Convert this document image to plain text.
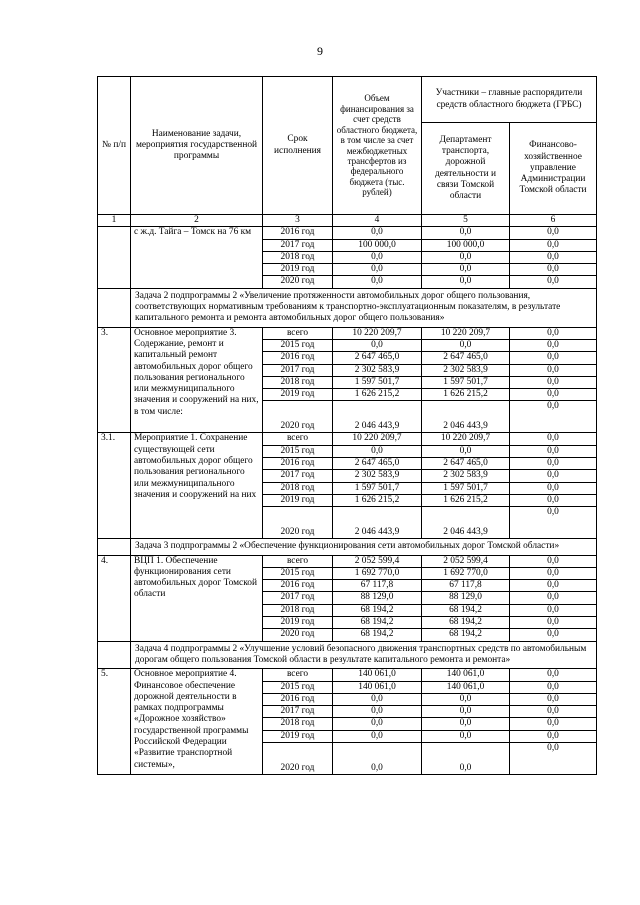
9
№ п/п	Наименование задачи, мероприятия государственной программы	Срок исполнения	Объем финансирования за счет средств областного бюджета, в том числе за счет межбюджетных трансфертов из федерального бюджета (тыс. рублей)	Участники – главные распорядители средств областного бюджета (ГРБС)	
				Департамент транспорта, дорожной деятельности и связи Томской области	Финансово-хозяйственное управление Администрации Томской области
1	2	3	4	5	6
	с ж.д. Тайга – Томск на 76 км	2016 год	0,0	0,0	0,0
		2017 год	100 000,0	100 000,0	0,0
		2018 год	0,0	0,0	0,0
		2019 год	0,0	0,0	0,0
		2020 год	0,0	0,0	0,0
	Задача 2 подпрограммы 2 «Увеличение протяженности автомобильных дорог общего пользования, соответствующих нормативным требованиям к транспортно-эксплуатационным показателям, в результате капитального ремонта и ремонта автомобильных дорог общего пользования»				
3.	Основное мероприятие 3. Содержание, ремонт и капитальный ремонт автомобильных дорог общего пользования регионального или межмуниципального значения и сооружений на них, в том числе:	всего	10 220 209,7	10 220 209,7	0,0
		2015 год	0,0	0,0	0,0
		2016 год	2 647 465,0	2 647 465,0	0,0
		2017 год	2 302 583,9	2 302 583,9	0,0
		2018 год	1 597 501,7	1 597 501,7	0,0
		2019 год	1 626 215,2	1 626 215,2	0,0
		2020 год	2 046 443,9	2 046 443,9	0,0
3.1.	Мероприятие 1. Сохранение существующей сети автомобильных дорог общего пользования регионального или межмуниципального значения и сооружений на них	всего	10 220 209,7	10 220 209,7	0,0
		2015 год	0,0	0,0	0,0
		2016 год	2 647 465,0	2 647 465,0	0,0
		2017 год	2 302 583,9	2 302 583,9	0,0
		2018 год	1 597 501,7	1 597 501,7	0,0
		2019 год	1 626 215,2	1 626 215,2	0,0
		2020 год	2 046 443,9	2 046 443,9	0,0
	Задача 3 подпрограммы 2 «Обеспечение функционирования сети автомобильных дорог Томской области»				
4.	ВЦП 1. Обеспечение функционирования сети автомобильных дорог Томской области	всего	2 052 599,4	2 052 599,4	0,0
		2015 год	1 692 770,0	1 692 770,0	0,0
		2016 год	67 117,8	67 117,8	0,0
		2017 год	88 129,0	88 129,0	0,0
		2018 год	68 194,2	68 194,2	0,0
		2019 год	68 194,2	68 194,2	0,0
		2020 год	68 194,2	68 194,2	0,0
	Задача 4 подпрограммы 2 «Улучшение условий безопасного движения транспортных средств по автомобильным дорогам общего пользования Томской области в результате капитального ремонта и ремонта»				
5.	Основное мероприятие 4. Финансовое обеспечение дорожной деятельности в рамках подпрограммы «Дорожное хозяйство» государственной программы Российской Федерации «Развитие транспортной системы»,	всего	140 061,0	140 061,0	0,0
		2015 год	140 061,0	140 061,0	0,0
		2016 год	0,0	0,0	0,0
		2017 год	0,0	0,0	0,0
		2018 год	0,0	0,0	0,0
		2019 год	0,0	0,0	0,0
		2020 год	0,0	0,0	0,0
